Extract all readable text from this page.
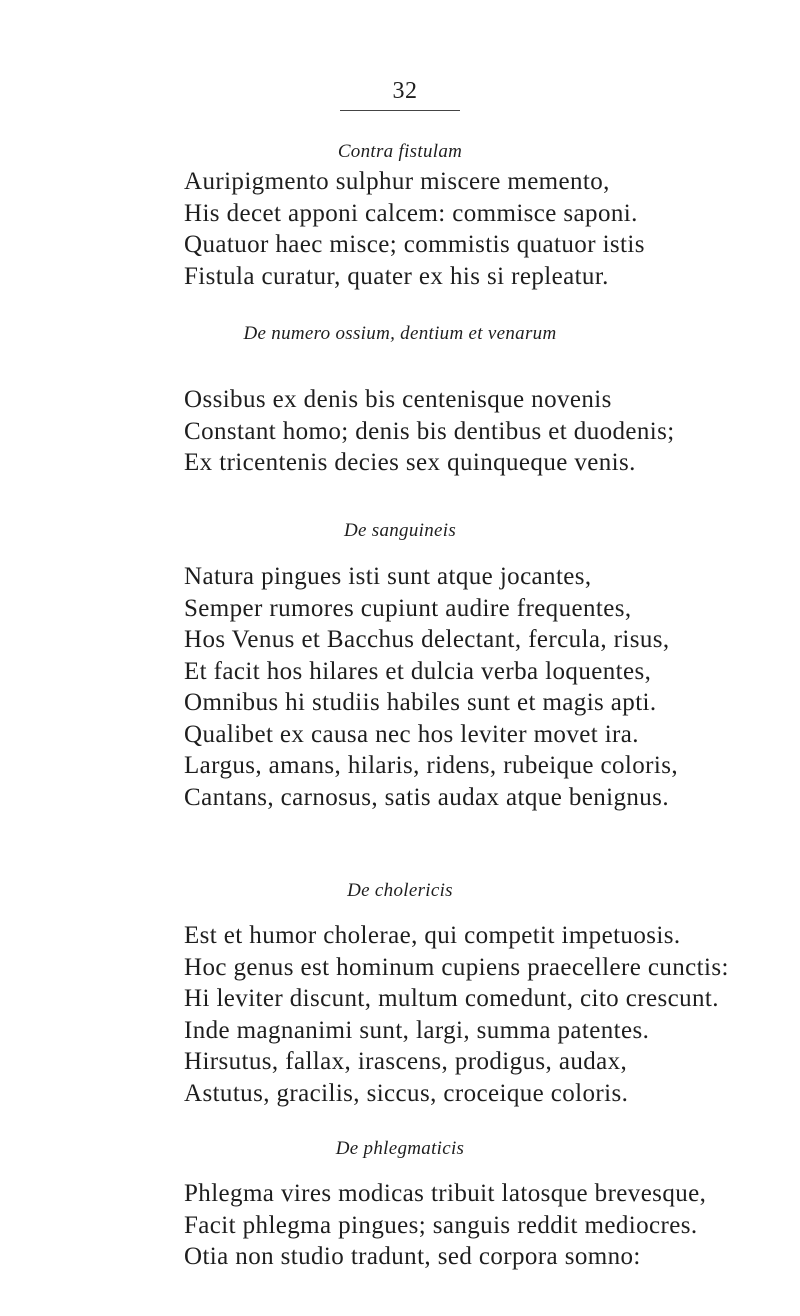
32
Contra fistulam
Auripigmento sulphur miscere memento,
His decet apponi calcem: commisce saponi.
Quatuor haec misce; commistis quatuor istis
Fistula curatur, quater ex his si repleatur.
De numero ossium, dentium et venarum
Ossibus ex denis bis centenisque novenis
Constant homo; denis bis dentibus et duodenis;
Ex tricentenis decies sex quinqueque venis.
De sanguineis
Natura pingues isti sunt atque jocantes,
Semper rumores cupiunt audire frequentes,
Hos Venus et Bacchus delectant, fercula, risus,
Et facit hos hilares et dulcia verba loquentes,
Omnibus hi studiis habiles sunt et magis apti.
Qualibet ex causa nec hos leviter movet ira.
Largus, amans, hilaris, ridens, rubeique coloris,
Cantans, carnosus, satis audax atque benignus.
De cholericis
Est et humor cholerae, qui competit impetuosis.
Hoc genus est hominum cupiens praecellere cunctis:
Hi leviter discunt, multum comedunt, cito crescunt.
Inde magnanimi sunt, largi, summa patentes.
Hirsutus, fallax, irascens, prodigus, audax,
Astutus, gracilis, siccus, croceique coloris.
De phlegmaticis
Phlegma vires modicas tribuit latosque brevesque,
Facit phlegma pingues; sanguis reddit mediocres.
Otia non studio tradunt, sed corpora somno:
